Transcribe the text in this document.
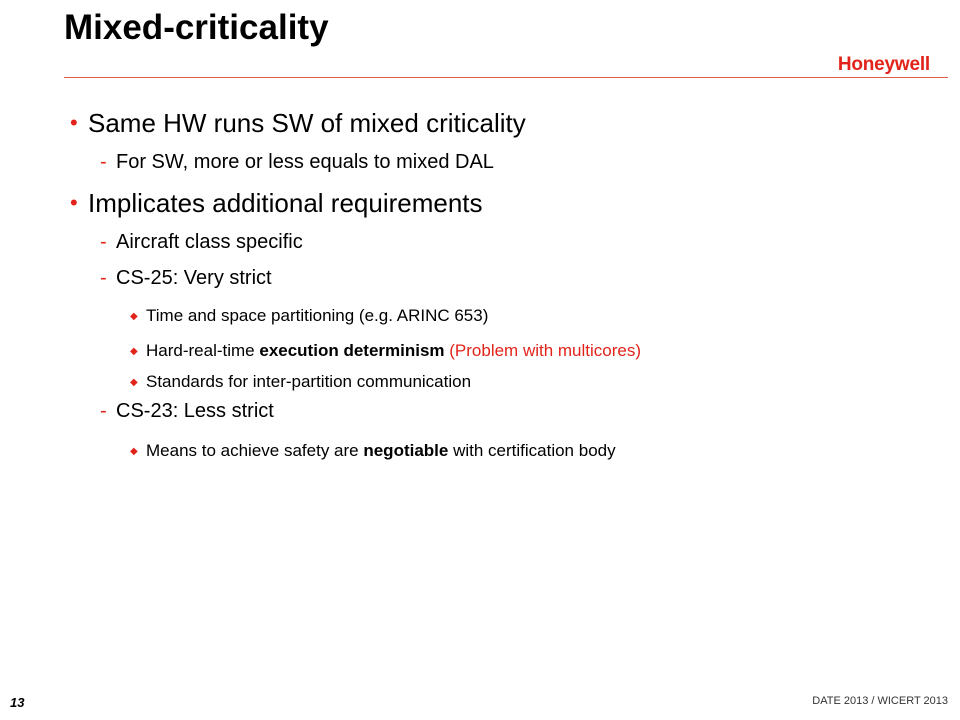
Mixed-criticality
Honeywell
• Same HW runs SW of mixed criticality
- For SW, more or less equals to mixed DAL
• Implicates additional requirements
- Aircraft class specific
- CS-25: Very strict
◆ Time and space partitioning (e.g. ARINC 653)
◆ Hard-real-time execution determinism (Problem with multicores)
◆ Standards for inter-partition communication
- CS-23: Less strict
◆ Means to achieve safety are negotiable with certification body
13	DATE 2013 / WICERT 2013
